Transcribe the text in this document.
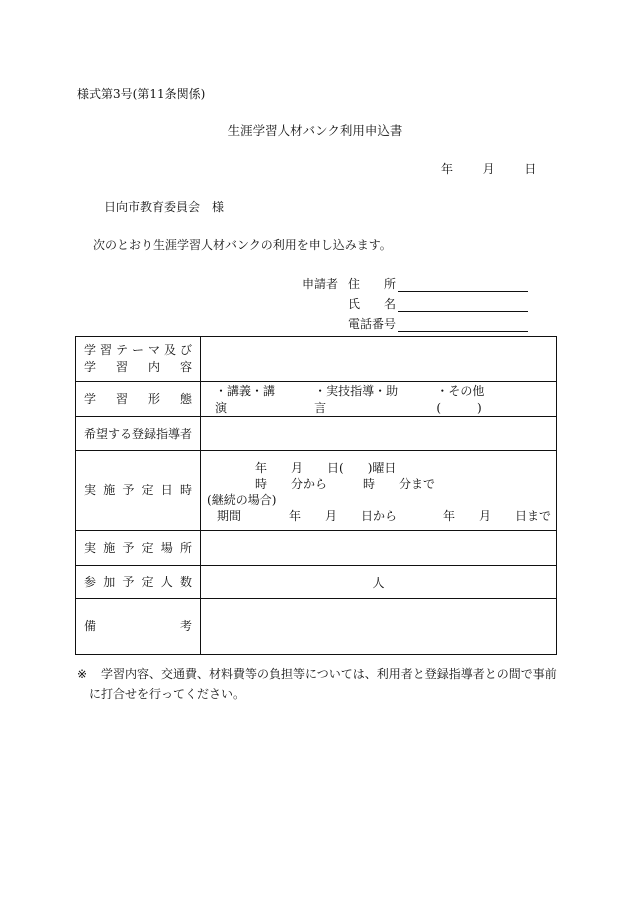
様式第3号(第11条関係)
生涯学習人材バンク利用申込書
年 月 日
日向市教育委員会　様
次のとおり生涯学習人材バンクの利用を申し込みます。
申請者 住　所
氏　名
電話番号
学習テーマ及び
学習内容	

学習形態	・講義・講演
・実技指導・助言
・その他(　　　)

希望する登録指導者	

実施予定日時	年　　月　　日(　　)曜日
時　　分から　　　時　　分まで
(継続の場合)
期間　　　　年　　月　　日から 年　　月　　日まで

実施予定場所	

参加予定人数	人

備考	

※ 学習内容、交通費、材料費等の負担等については、利用者と登録指導者との間で事前
に打合せを行ってください。
